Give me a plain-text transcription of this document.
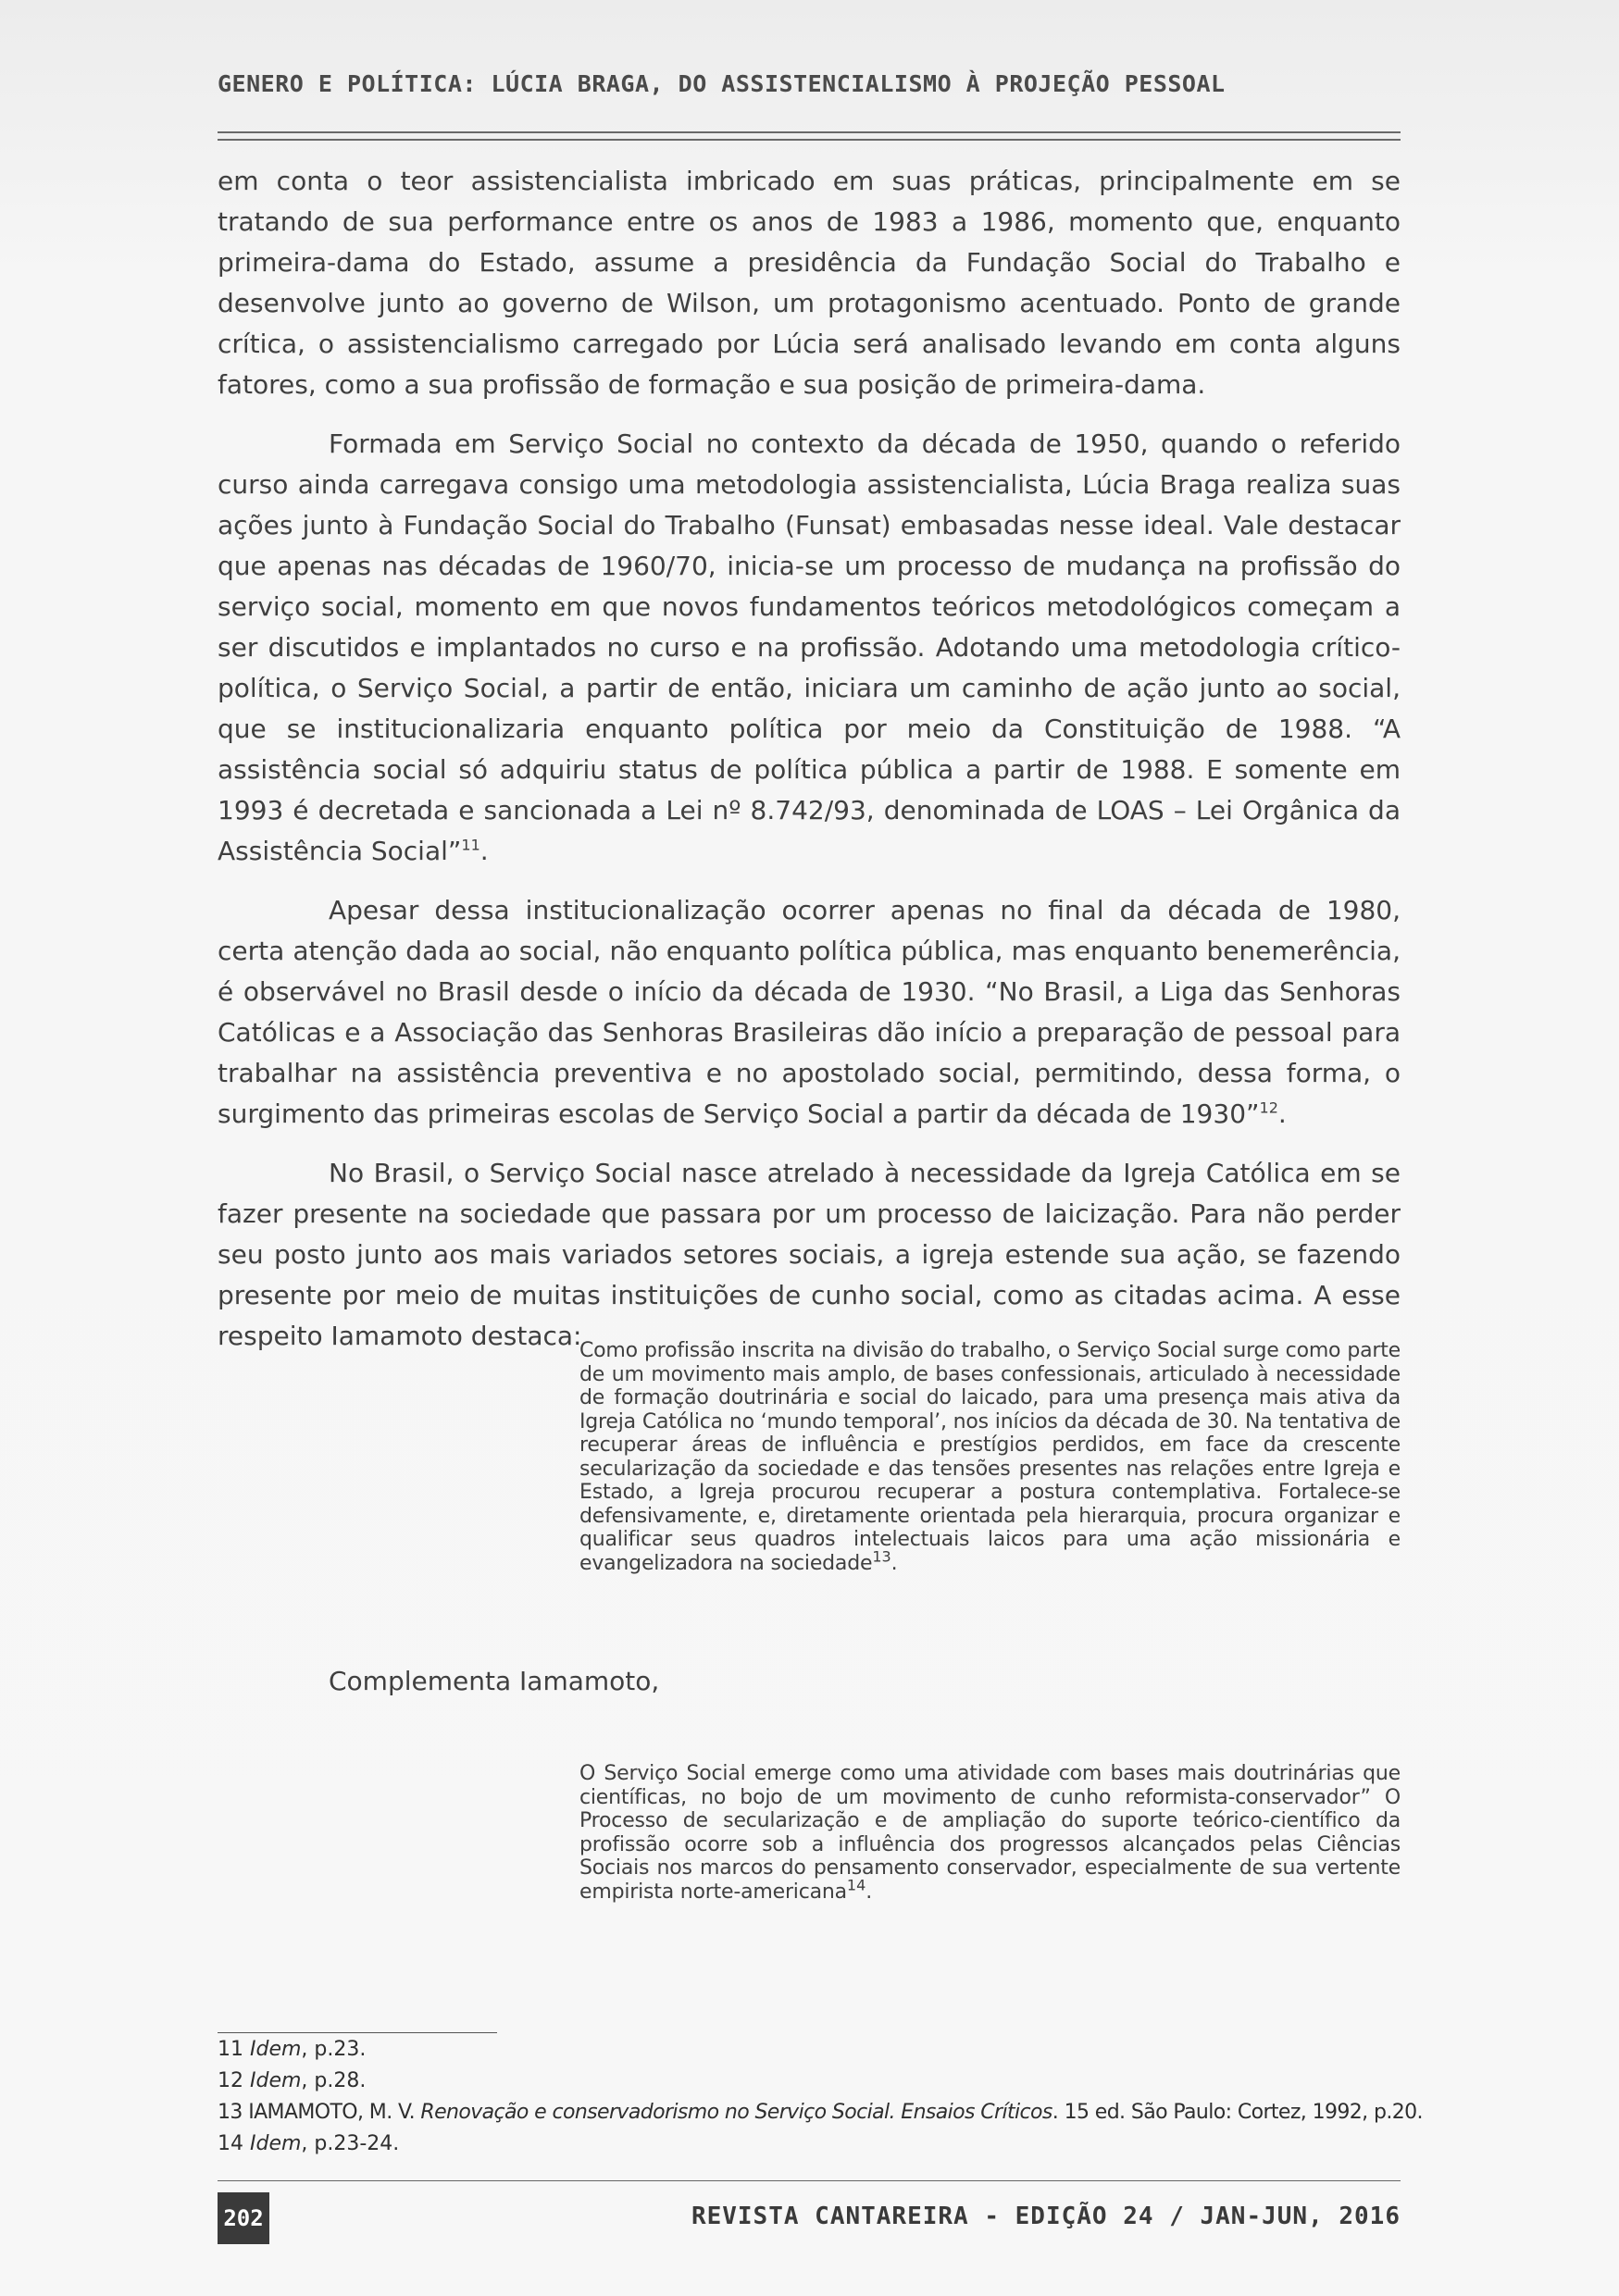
GENERO E POLÍTICA: LÚCIA BRAGA, DO ASSISTENCIALISMO À PROJEÇÃO PESSOAL

em conta o teor assistencialista imbricado em suas práticas, principalmente em se tratando de sua performance entre os anos de 1983 a 1986, momento que, enquanto primeira-dama do Estado, assume a presidência da Fundação Social do Trabalho e desenvolve junto ao governo de Wilson, um protagonismo acentuado. Ponto de grande crítica, o assistencialismo carregado por Lúcia será analisado levando em conta alguns fatores, como a sua profissão de formação e sua posição de primeira-dama.

Formada em Serviço Social no contexto da década de 1950, quando o referido curso ainda carregava consigo uma metodologia assistencialista, Lúcia Braga realiza suas ações junto à Fundação Social do Trabalho (Funsat) embasadas nesse ideal. Vale destacar que apenas nas décadas de 1960/70, inicia-se um processo de mudança na profissão do serviço social, momento em que novos fundamentos teóricos metodológicos começam a ser discutidos e implantados no curso e na profissão. Adotando uma metodologia crítico-política, o Serviço Social, a partir de então, iniciara um caminho de ação junto ao social, que se institucionalizaria enquanto política por meio da Constituição de 1988. “A assistência social só adquiriu status de política pública a partir de 1988. E somente em 1993 é decretada e sancionada a Lei nº 8.742/93, denominada de LOAS – Lei Orgânica da Assistência Social”$^{11}$.

Apesar dessa institucionalização ocorrer apenas no final da década de 1980, certa atenção dada ao social, não enquanto política pública, mas enquanto benemerência, é observável no Brasil desde o início da década de 1930. “No Brasil, a Liga das Senhoras Católicas e a Associação das Senhoras Brasileiras dão início a preparação de pessoal para trabalhar na assistência preventiva e no apostolado social, permitindo, dessa forma, o surgimento das primeiras escolas de Serviço Social a partir da década de 1930”$^{12}$.

No Brasil, o Serviço Social nasce atrelado à necessidade da Igreja Católica em se fazer presente na sociedade que passara por um processo de laicização. Para não perder seu posto junto aos mais variados setores sociais, a igreja estende sua ação, se fazendo presente por meio de muitas instituições de cunho social, como as citadas acima. A esse respeito Iamamoto destaca:

Como profissão inscrita na divisão do trabalho, o Serviço Social surge como parte de um movimento mais amplo, de bases confessionais, articulado à necessidade de formação doutrinária e social do laicado, para uma presença mais ativa da Igreja Católica no ‘mundo temporal’, nos inícios da década de 30. Na tentativa de recuperar áreas de influência e prestígios perdidos, em face da crescente secularização da sociedade e das tensões presentes nas relações entre Igreja e Estado, a Igreja procurou recuperar a postura contemplativa. Fortalece-se defensivamente, e, diretamente orientada pela hierarquia, procura organizar e qualificar seus quadros intelectuais laicos para uma ação missionária e evangelizadora na sociedade$^{13}$.
Complementa Iamamoto,
O Serviço Social emerge como uma atividade com bases mais doutrinárias que científicas, no bojo de um movimento de cunho reformista-conservador” O Processo de secularização e de ampliação do suporte teórico-científico da profissão ocorre sob a influência dos progressos alcançados pelas Ciências Sociais nos marcos do pensamento conservador, especialmente de sua vertente empirista norte-americana$^{14}$.
11 Idem, p.23.
12 Idem, p.28.
13 IAMAMOTO, M. V. Renovação e conservadorismo no Serviço Social. Ensaios Críticos. 15 ed. São Paulo: Cortez, 1992, p.20.
14 Idem, p.23-24.
202	REVISTA CANTAREIRA - EDIÇÃO 24 / JAN-JUN, 2016
